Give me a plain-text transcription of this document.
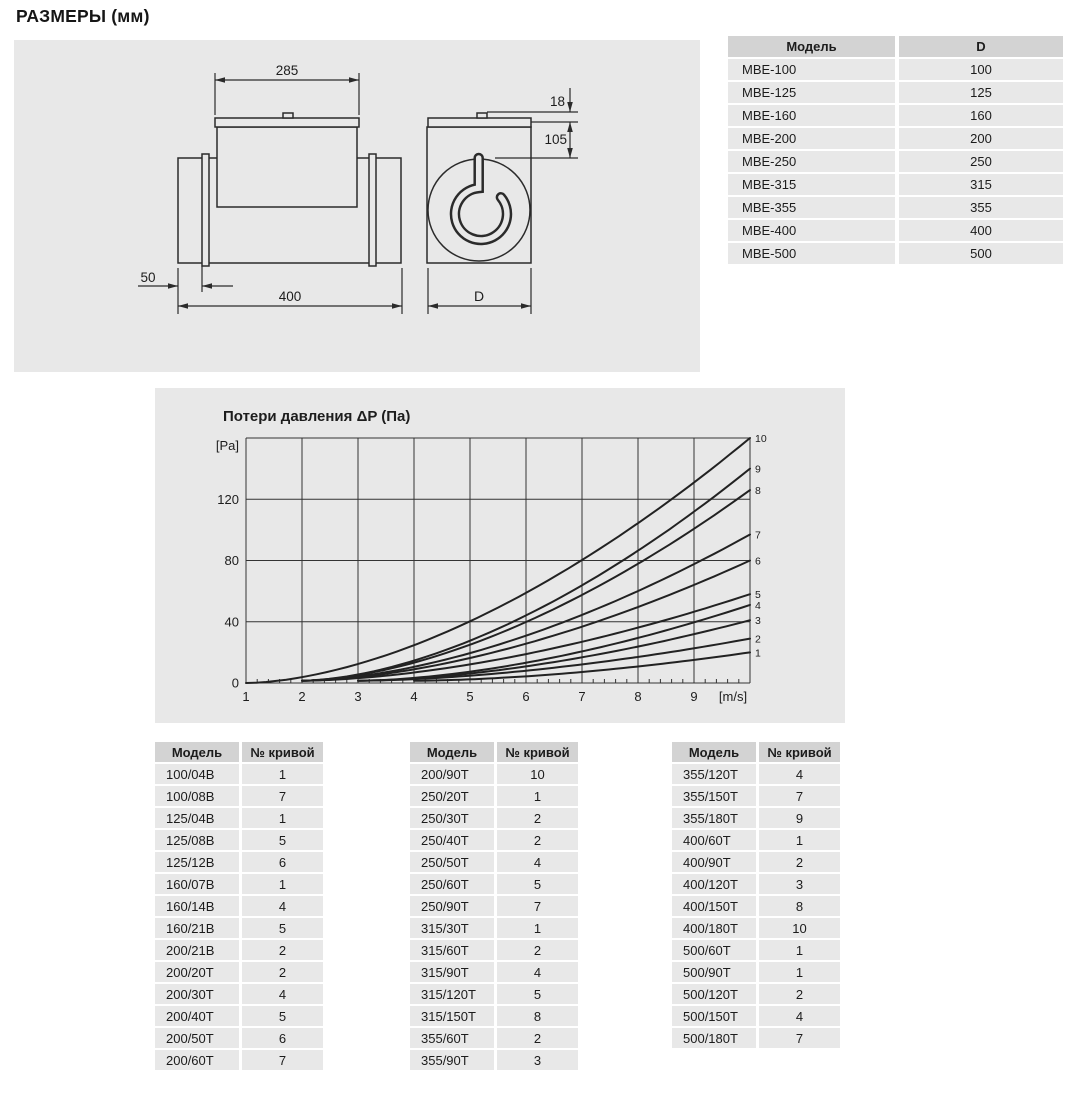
РАЗМЕРЫ (мм)
285
50
400
18
105
D
Модель	D
МВЕ-100	100
МВЕ-125	125
МВЕ-160	160
МВЕ-200	200
МВЕ-250	250
МВЕ-315	315
МВЕ-355	355
МВЕ-400	400
МВЕ-500	500
Потери давления ΔP (Па)
[Pa]
[m/s]
1	2	3	4	5	6	7	8	9
0
40
80
120
1
2
3
4
5
6
7
8
9
10
Модель	№ кривой
100/04B	1
100/08B	7
125/04B	1
125/08B	5
125/12B	6
160/07B	1
160/14B	4
160/21B	5
200/21B	2
200/20T	2
200/30T	4
200/40T	5
200/50T	6
200/60T	7
Модель	№ кривой
200/90T	10
250/20T	1
250/30T	2
250/40T	2
250/50T	4
250/60T	5
250/90T	7
315/30T	1
315/60T	2
315/90T	4
315/120T	5
315/150T	8
355/60T	2
355/90T	3
Модель	№ кривой
355/120T	4
355/150T	7
355/180T	9
400/60T	1
400/90T	2
400/120T	3
400/150T	8
400/180T	10
500/60T	1
500/90T	1
500/120T	2
500/150T	4
500/180T	7
